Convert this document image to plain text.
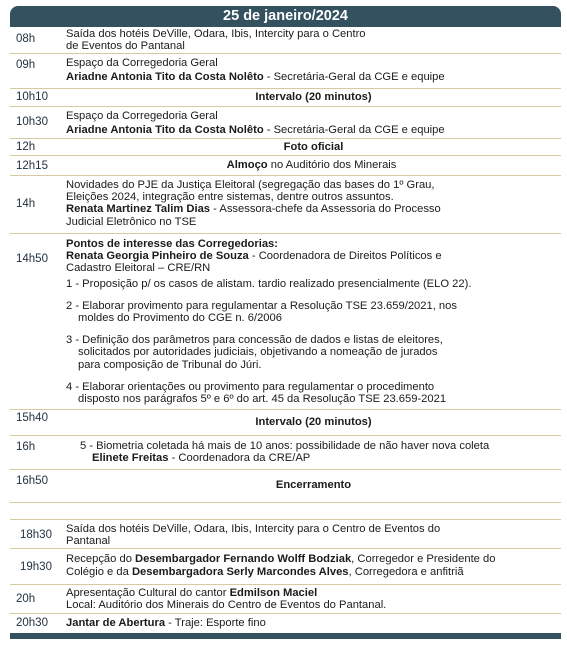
25 de janeiro/2024
08h	Saída dos hotéis DeVille, Odara, Ibis, Intercity para o Centro
de Eventos do Pantanal
09h	Espaço da Corregedoria Geral
Ariadne Antonia Tito da Costa Nolêto - Secretária-Geral da CGE e equipe
10h10	Intervalo (20 minutos)
10h30 Espaço da Corregedoria Geral
Ariadne Antonia Tito da Costa Nolêto - Secretária-Geral da CGE e equipe
12h	Foto oficial
12h15	Almoço no Auditório dos Minerais
14h
Novidades do PJE da Justiça Eleitoral (segregação das bases do 1º Grau,
Eleições 2024, integração entre sistemas, dentre outros assuntos.
Renata Martinez Talim Dias - Assessora-chefe da Assessoria do Processo
Judicial Eletrônico no TSE
14h50
Pontos de interesse das Corregedorias:
Renata Georgia Pinheiro de Souza - Coordenadora de Direitos Políticos e
Cadastro Eleitoral – CRE/RN
1 - Proposição p/ os casos de alistam. tardio realizado presencialmente (ELO 22).
2 - Elaborar provimento para regulamentar a Resolução TSE 23.659/2021, nos
moldes do Provimento do CGE n. 6/2006
3 - Definição dos parâmetros para concessão de dados e listas de eleitores,
solicitados por autoridades judiciais, objetivando a nomeação de jurados
para composição de Tribunal do Júri.
4 - Elaborar orientações ou provimento para regulamentar o procedimento
disposto nos parágrafos 5º e 6º do art. 45 da Resolução TSE 23.659-2021
15h40	Intervalo (20 minutos)
16h	5 - Biometria coletada há mais de 10 anos: possibilidade de não haver nova coleta
Elinete Freitas - Coordenadora da CRE/AP
16h50	Encerramento
18h30 Saída dos hotéis DeVille, Odara, Ibis, Intercity para o Centro de Eventos do
Pantanal
19h30
Recepção do Desembargador Fernando Wolff Bodziak, Corregedor e Presidente do
Colégio e da Desembargadora Serly Marcondes Alves, Corregedora e anfitriã
20h	Apresentação Cultural do cantor Edmilson Maciel
Local: Auditório dos Minerais do Centro de Eventos do Pantanal.
20h30 Jantar de Abertura - Traje: Esporte fino
